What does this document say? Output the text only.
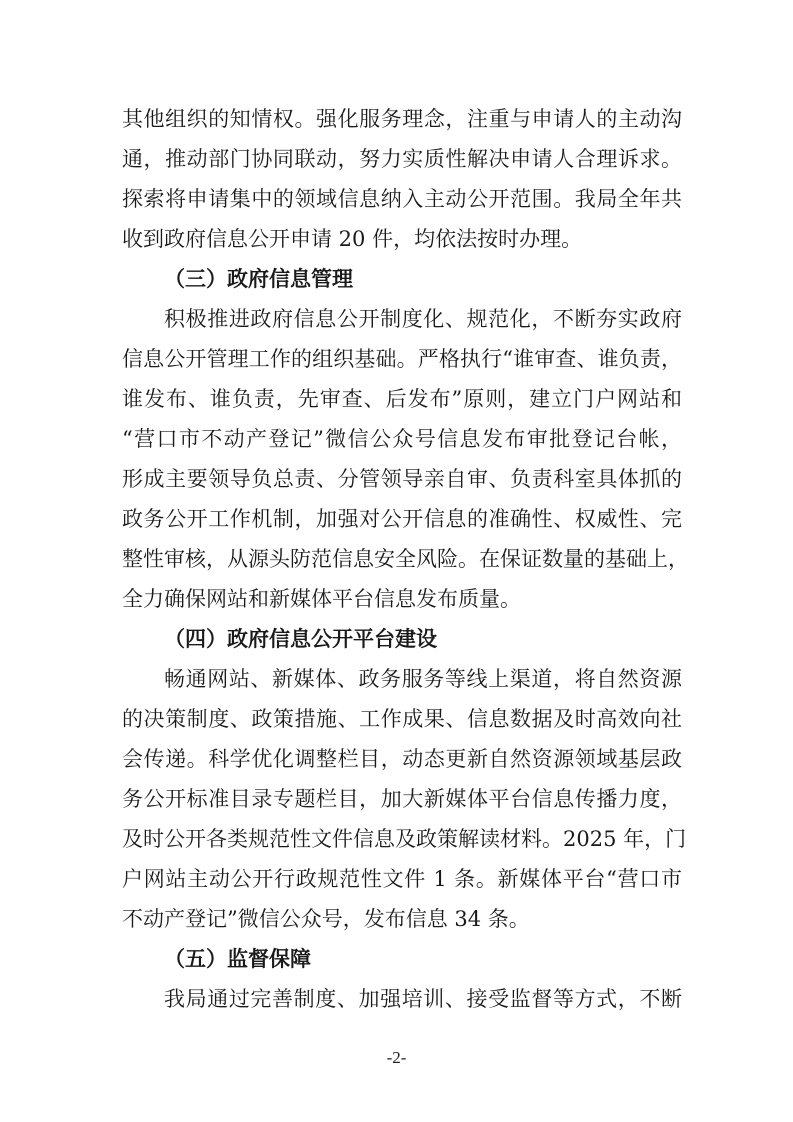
其他组织的知情权。强化服务理念，注重与申请人的主动沟
通，推动部门协同联动，努力实质性解决申请人合理诉求。
探索将申请集中的领域信息纳入主动公开范围。我局全年共
收到政府信息公开申请 20 件，均依法按时办理。
（三）政府信息管理
积极推进政府信息公开制度化、规范化，不断夯实政府
信息公开管理工作的组织基础。严格执行“谁审查、谁负责，
谁发布、谁负责，先审查、后发布”原则，建立门户网站和
“营口市不动产登记”微信公众号信息发布审批登记台帐，
形成主要领导负总责、分管领导亲自审、负责科室具体抓的
政务公开工作机制，加强对公开信息的准确性、权威性、完
整性审核，从源头防范信息安全风险。在保证数量的基础上，
全力确保网站和新媒体平台信息发布质量。
（四）政府信息公开平台建设
畅通网站、新媒体、政务服务等线上渠道，将自然资源
的决策制度、政策措施、工作成果、信息数据及时高效向社
会传递。科学优化调整栏目，动态更新自然资源领域基层政
务公开标准目录专题栏目，加大新媒体平台信息传播力度，
及时公开各类规范性文件信息及政策解读材料。2025 年，门
户网站主动公开行政规范性文件 1 条。新媒体平台“营口市
不动产登记”微信公众号，发布信息 34 条。
（五）监督保障
我局通过完善制度、加强培训、接受监督等方式，不断
-2-
